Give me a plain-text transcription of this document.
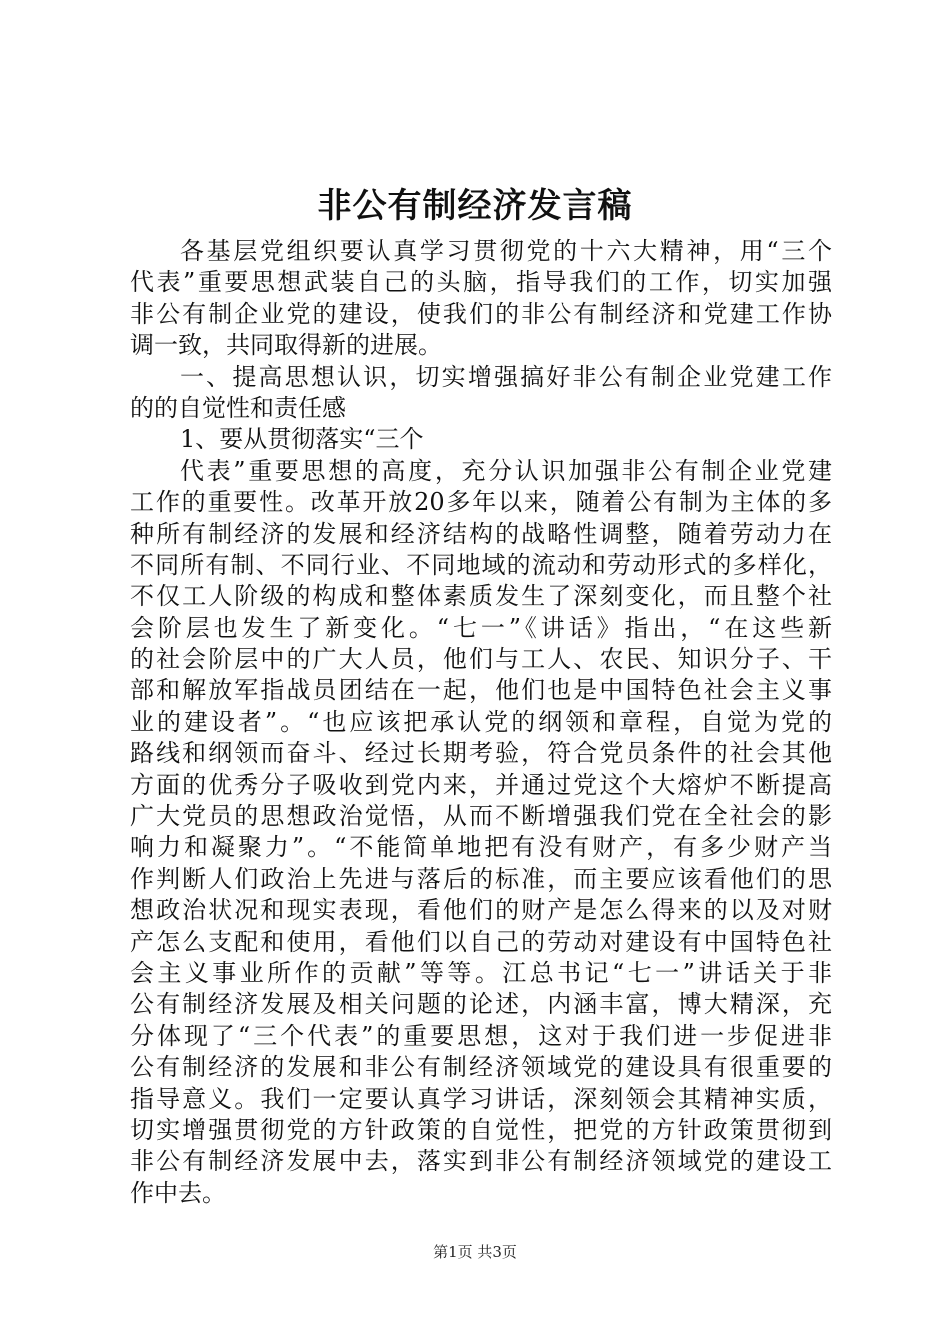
非公有制经济发言稿
各基层党组织要认真学习贯彻党的十六大精神，用“三个
代表”重要思想武装自己的头脑，指导我们的工作，切实加强
非公有制企业党的建设，使我们的非公有制经济和党建工作协
调一致，共同取得新的进展。
一、提高思想认识，切实增强搞好非公有制企业党建工作
的的自觉性和责任感
1、要从贯彻落实“三个
代表”重要思想的高度，充分认识加强非公有制企业党建
工作的重要性。改革开放20多年以来，随着公有制为主体的多
种所有制经济的发展和经济结构的战略性调整，随着劳动力在
不同所有制、不同行业、不同地域的流动和劳动形式的多样化，
不仅工人阶级的构成和整体素质发生了深刻变化，而且整个社
会阶层也发生了新变化。“七一”《讲话》指出，“在这些新
的社会阶层中的广大人员，他们与工人、农民、知识分子、干
部和解放军指战员团结在一起，他们也是中国特色社会主义事
业的建设者”。“也应该把承认党的纲领和章程，自觉为党的
路线和纲领而奋斗、经过长期考验，符合党员条件的社会其他
方面的优秀分子吸收到党内来，并通过党这个大熔炉不断提高
广大党员的思想政治觉悟，从而不断增强我们党在全社会的影
响力和凝聚力”。“不能简单地把有没有财产，有多少财产当
作判断人们政治上先进与落后的标准，而主要应该看他们的思
想政治状况和现实表现，看他们的财产是怎么得来的以及对财
产怎么支配和使用，看他们以自己的劳动对建设有中国特色社
会主义事业所作的贡献”等等。江总书记“七一”讲话关于非
公有制经济发展及相关问题的论述，内涵丰富，博大精深，充
分体现了“三个代表”的重要思想，这对于我们进一步促进非
公有制经济的发展和非公有制经济领域党的建设具有很重要的
指导意义。我们一定要认真学习讲话，深刻领会其精神实质，
切实增强贯彻党的方针政策的自觉性，把党的方针政策贯彻到
非公有制经济发展中去，落实到非公有制经济领域党的建设工
作中去。
第1页 共3页
